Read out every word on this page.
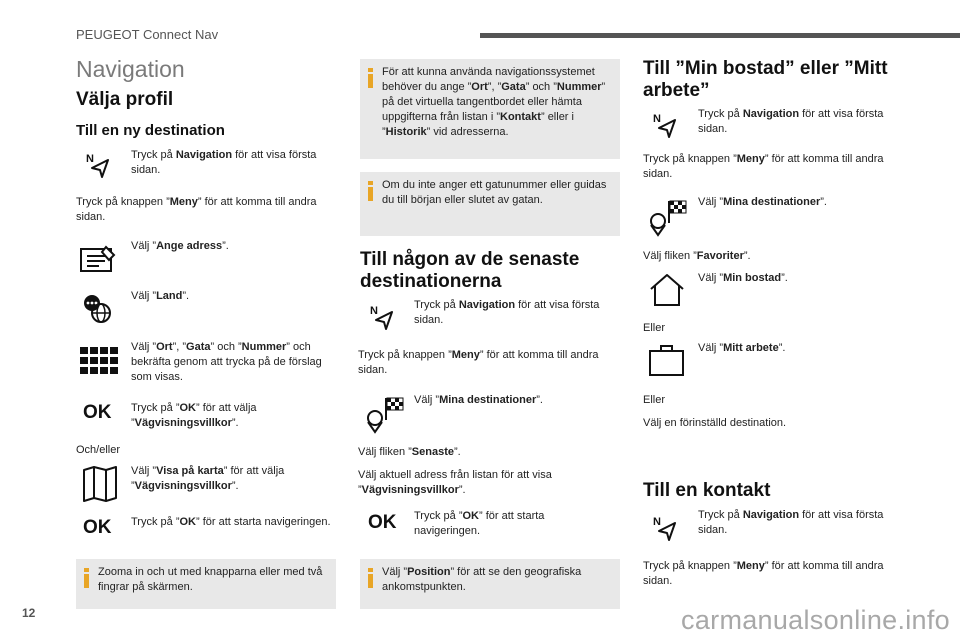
PEUGEOT Connect Nav
12	carmanualsonline.info
Navigation
Välja profil
Till en ny destination
N	Tryck på Navigation för att visa första sidan.
Tryck på knappen ”Meny” för att komma till andra sidan.
Välj ”Ange adress”.
Välj ”Land”.
Välj ”Ort”, ”Gata” och ”Nummer” och bekräfta genom att trycka på de förslag som visas.
OK Tryck på ”OK” för att välja ”Vägvisningsvillkor”.
Och/eller
Välj ”Visa på karta” för att välja ”Vägvisningsvillkor”.
OK Tryck på ”OK” för att starta navigeringen.
Zooma in och ut med knapparna eller med två fingrar på skärmen.
För att kunna använda navigationssystemet behöver du ange ”Ort”, ”Gata” och ”Nummer” på det virtuella tangentbordet eller hämta uppgifterna från listan i ”Kontakt” eller i ”Historik” vid adresserna.
Om du inte anger ett gatunummer eller guidas du till början eller slutet av gatan.
Till någon av de senaste destinationerna
N	Tryck på Navigation för att visa första sidan.
Tryck på knappen ”Meny” för att komma till andra sidan.
Välj ”Mina destinationer”.
Välj fliken ”Senaste”.
Välj aktuell adress från listan för att visa ”Vägvisningsvillkor”.
OK Tryck på ”OK” för att starta navigeringen.
Välj ”Position” för att se den geografiska ankomstpunkten.
Till ”Min bostad” eller ”Mitt arbete”
N	Tryck på Navigation för att visa första sidan.
Tryck på knappen ”Meny” för att komma till andra sidan.
Välj ”Mina destinationer”.
Välj fliken ”Favoriter”.
Välj ”Min bostad”.
Eller
Välj ”Mitt arbete”.
Eller
Välj en förinställd destination.
Till en kontakt
N
Tryck på Navigation för att visa första sidan.
Tryck på knappen ”Meny” för att komma till andra sidan.
